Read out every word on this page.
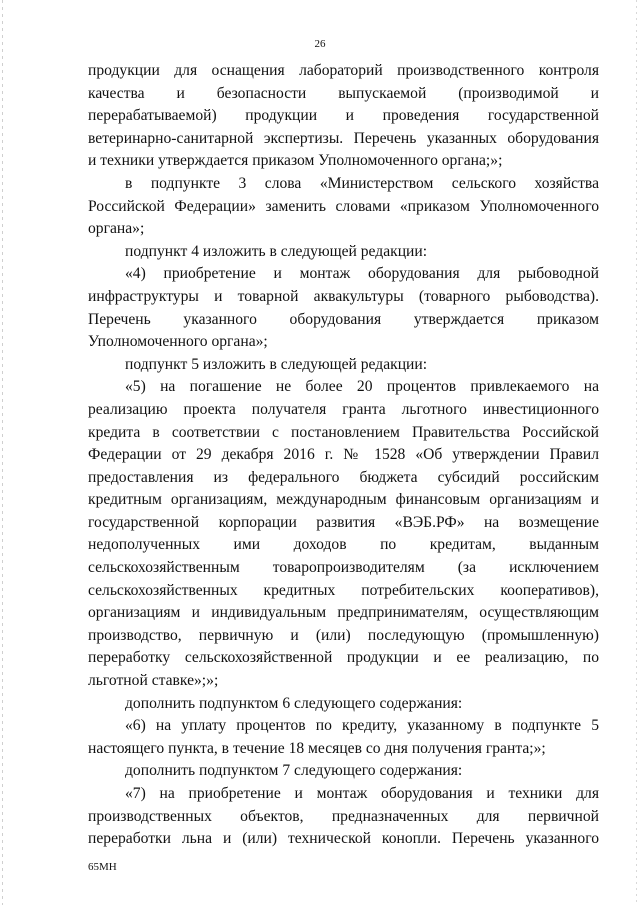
26
продукции для оснащения лабораторий производственного контроля
качества и безопасности выпускаемой (производимой и
перерабатываемой) продукции и проведения государственной
ветеринарно-санитарной экспертизы. Перечень указанных оборудования
и техники утверждается приказом Уполномоченного органа;»;
в подпункте 3 слова «Министерством сельского хозяйства
Российской Федерации» заменить словами «приказом Уполномоченного
органа»;
подпункт 4 изложить в следующей редакции:
«4) приобретение и монтаж оборудования для рыбоводной
инфраструктуры и товарной аквакультуры (товарного рыбоводства).
Перечень указанного оборудования утверждается приказом
Уполномоченного органа»;
подпункт 5 изложить в следующей редакции:
«5) на погашение не более 20 процентов привлекаемого на
реализацию проекта получателя гранта льготного инвестиционного
кредита в соответствии с постановлением Правительства Российской
Федерации от 29 декабря 2016 г. № 1528 «Об утверждении Правил
предоставления из федерального бюджета субсидий российским
кредитным организациям, международным финансовым организациям и
государственной корпорации развития «ВЭБ.РФ» на возмещение
недополученных ими доходов по кредитам, выданным
сельскохозяйственным товаропроизводителям (за исключением
сельскохозяйственных кредитных потребительских кооперативов),
организациям и индивидуальным предпринимателям, осуществляющим
производство, первичную и (или) последующую (промышленную)
переработку сельскохозяйственной продукции и ее реализацию, по
льготной ставке»;»;
дополнить подпунктом 6 следующего содержания:
«6) на уплату процентов по кредиту, указанному в подпункте 5
настоящего пункта, в течение 18 месяцев со дня получения гранта;»;
дополнить подпунктом 7 следующего содержания:
«7) на приобретение и монтаж оборудования и техники для
производственных объектов, предназначенных для первичной
переработки льна и (или) технической конопли. Перечень указанного
65МН
